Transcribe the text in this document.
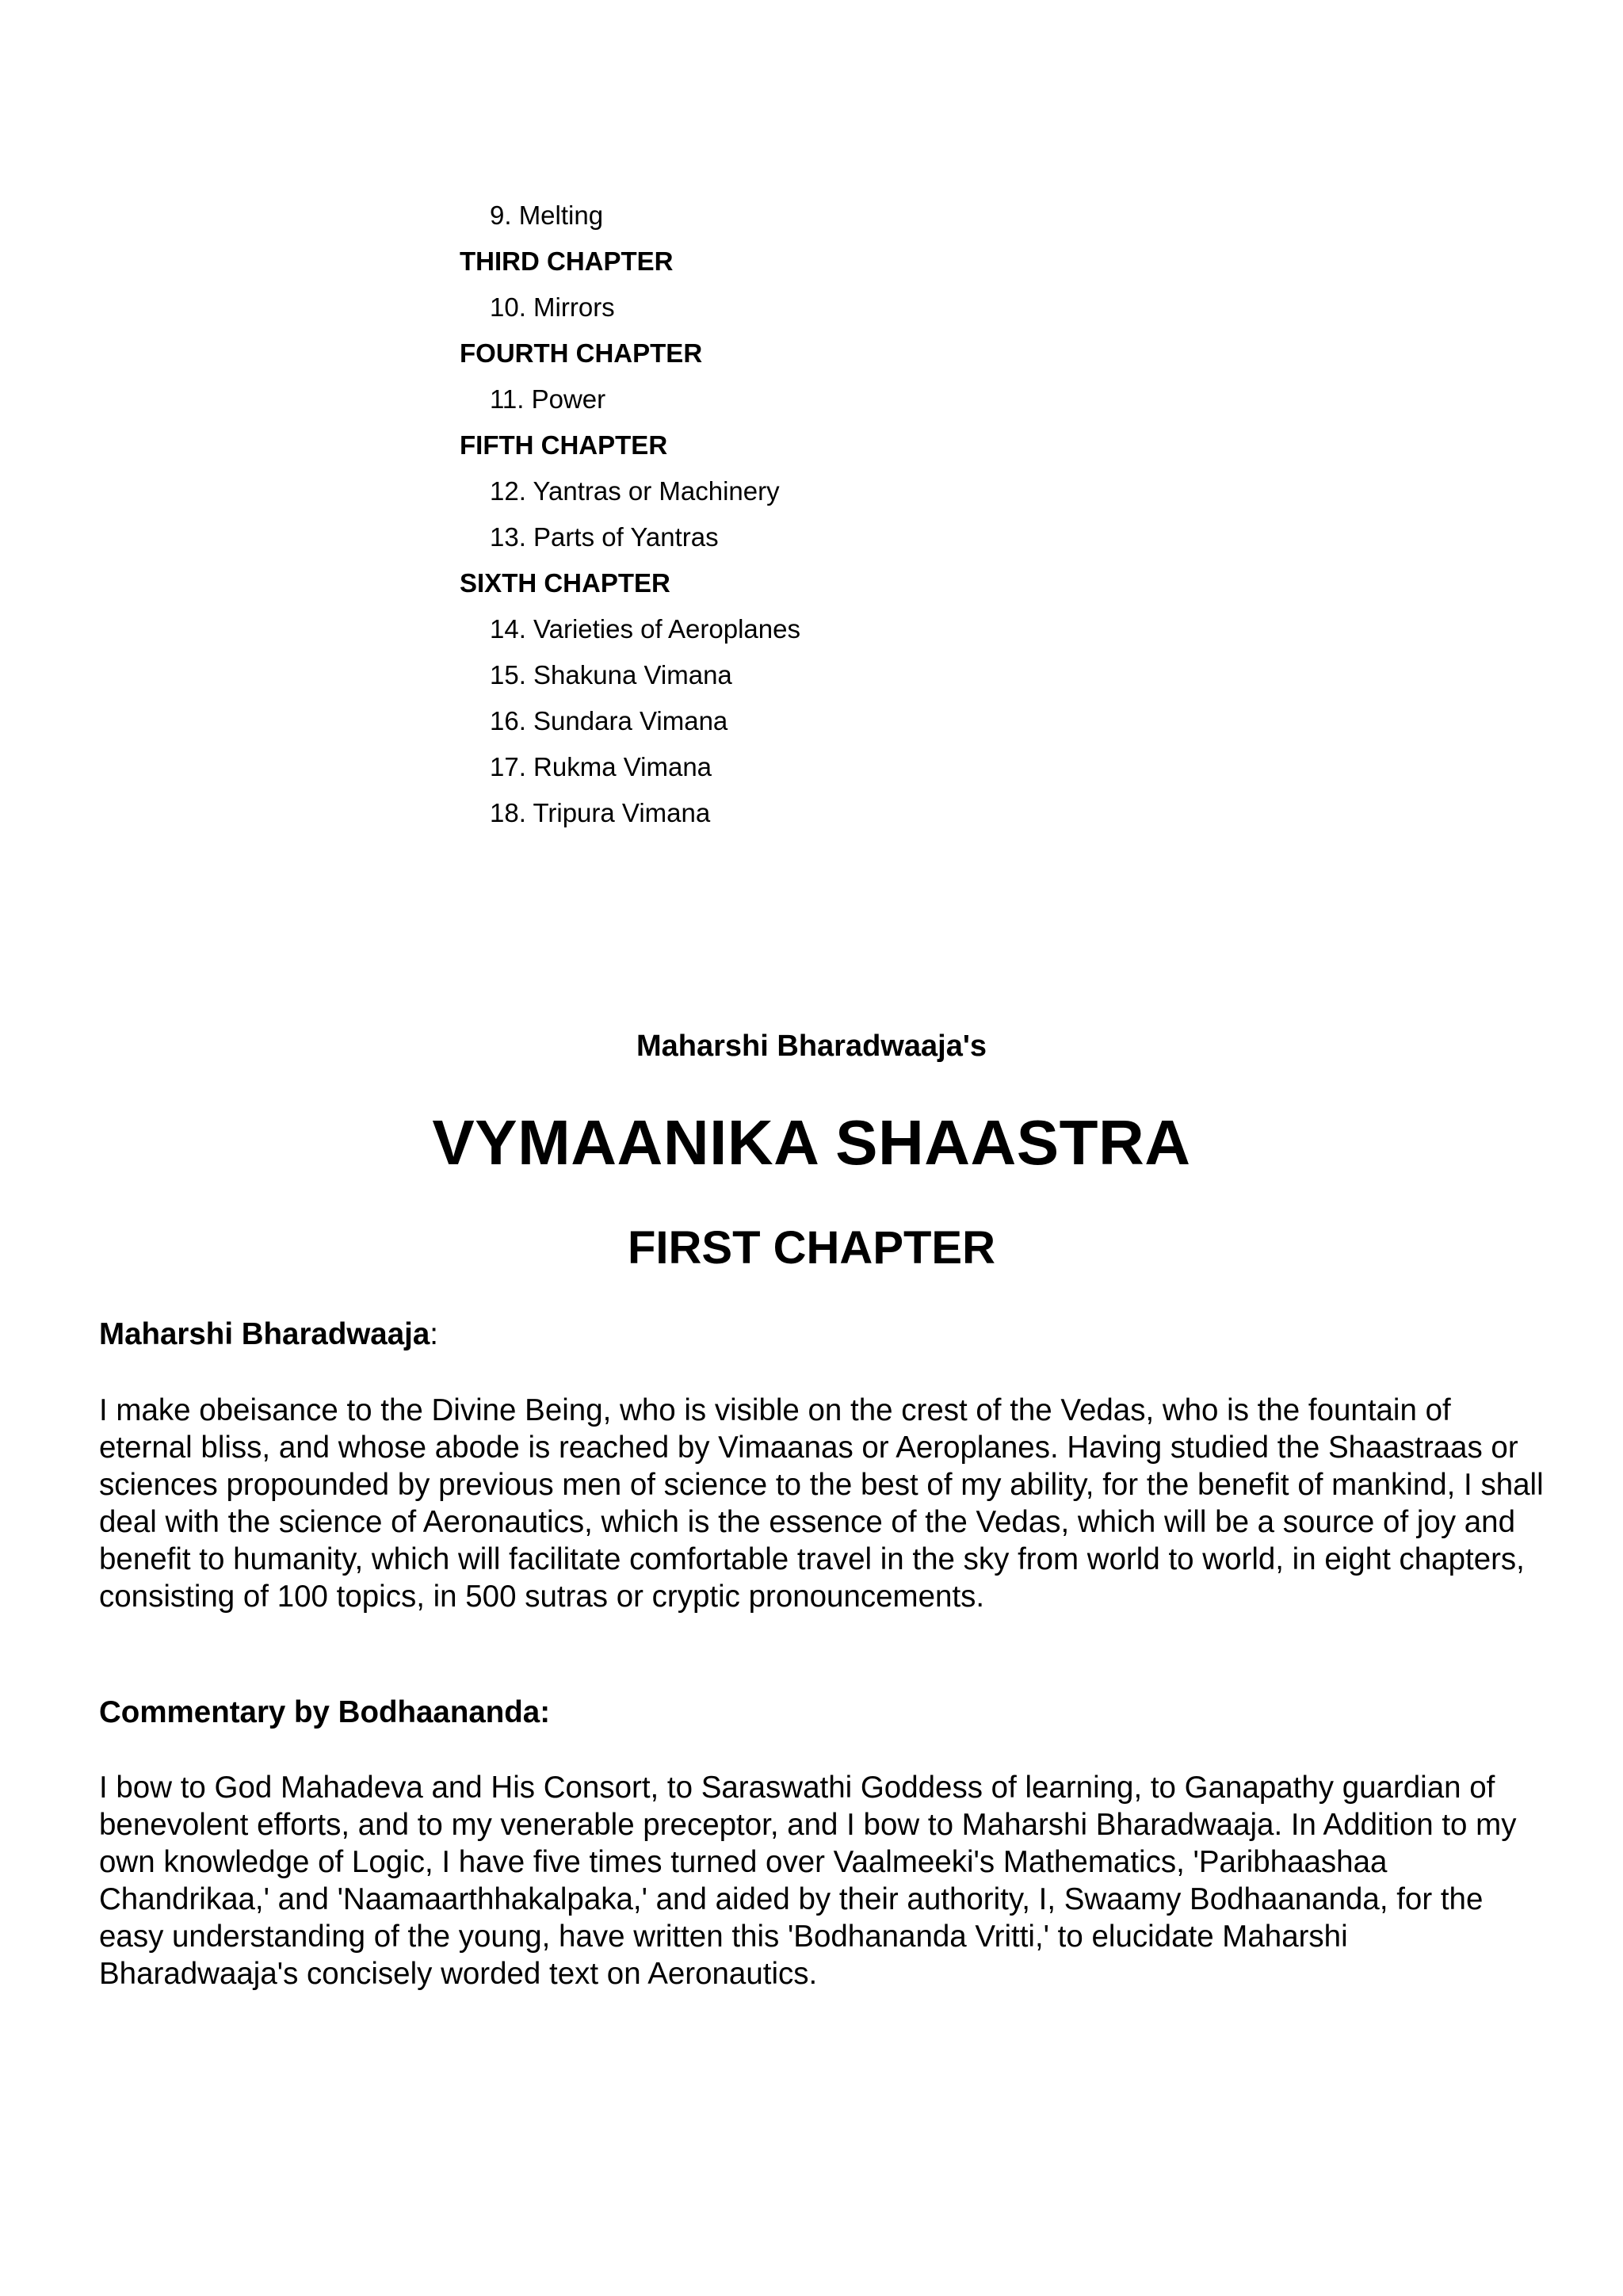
9. Melting
THIRD CHAPTER
10. Mirrors
FOURTH CHAPTER
11. Power
FIFTH CHAPTER
12. Yantras or Machinery
13. Parts of Yantras
SIXTH CHAPTER
14. Varieties of Aeroplanes
15. Shakuna Vimana
16. Sundara Vimana
17. Rukma Vimana
18. Tripura Vimana
Maharshi Bharadwaaja's
VYMAANIKA SHAASTRA
FIRST CHAPTER
Maharshi Bharadwaaja:
I make obeisance to the Divine Being, who is visible on the crest of the Vedas, who is the fountain of eternal bliss, and whose abode is reached by Vimaanas or Aeroplanes. Having studied the Shaastraas or sciences propounded by previous men of science to the best of my ability, for the benefit of mankind, I shall deal with the science of Aeronautics, which is the essence of the Vedas, which will be a source of joy and benefit to humanity, which will facilitate comfortable travel in the sky from world to world, in eight chapters, consisting of 100 topics, in 500 sutras or cryptic pronouncements.
Commentary by Bodhaananda:
I bow to God Mahadeva and His Consort, to Saraswathi Goddess of learning, to Ganapathy guardian of benevolent efforts, and to my venerable preceptor, and I bow to Maharshi Bharadwaaja. In Addition to my own knowledge of Logic, I have five times turned over Vaalmeeki's Mathematics, 'Paribhaashaa Chandrikaa,' and 'Naamaarthhakalpaka,' and aided by their authority, I, Swaamy Bodhaananda, for the easy understanding of the young, have written this 'Bodhananda Vritti,' to elucidate Maharshi Bharadwaaja's concisely worded text on Aeronautics.
